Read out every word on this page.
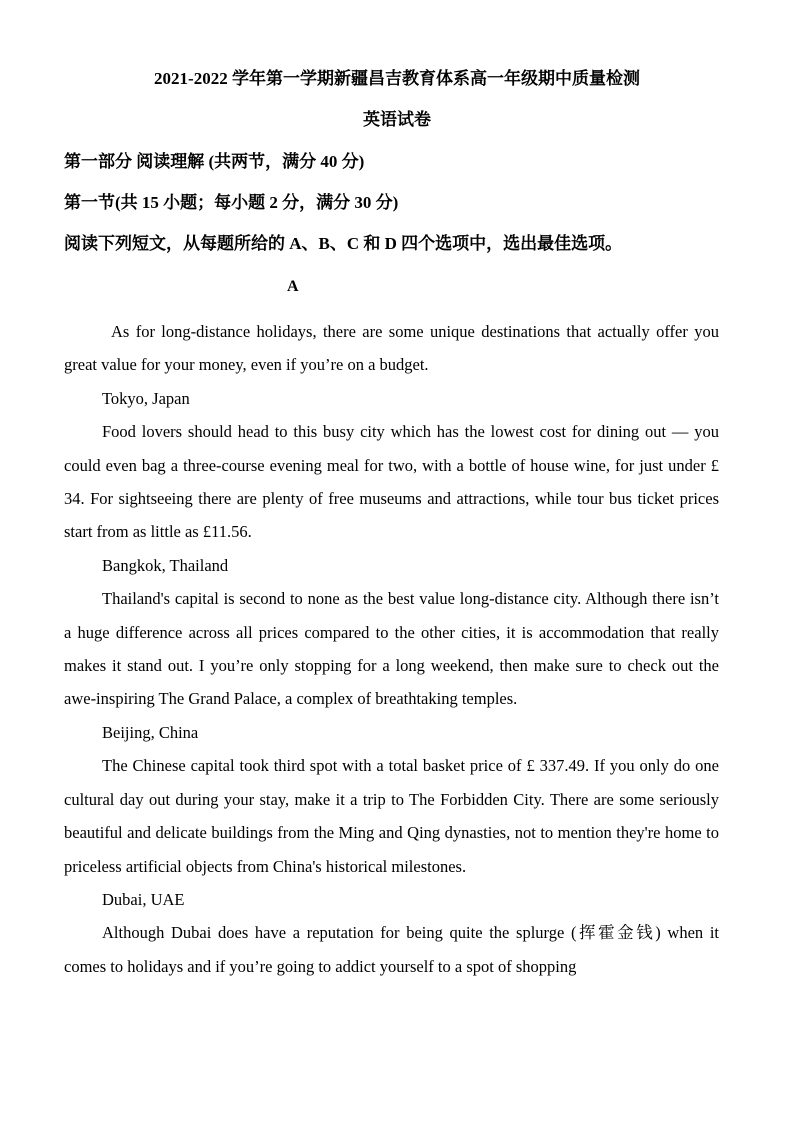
2021-2022 学年第一学期新疆昌吉教育体系高一年级期中质量检测
英语试卷
第一部分 阅读理解 (共两节，满分 40 分)
第一节(共 15 小题；每小题 2 分，满分 30 分)
阅读下列短文，从每题所给的 A、B、C 和 D 四个选项中，选出最佳选项。
A

As for long-distance holidays, there are some unique destinations that actually offer you great value for your money, even if you’re on a budget.

Tokyo, Japan

Food lovers should head to this busy city which has the lowest cost for dining out — you could even bag a three-course evening meal for two, with a bottle of house wine, for just under £ 34. For sightseeing there are plenty of free museums and attractions, while tour bus ticket prices start from as little as £11.56.

Bangkok, Thailand

Thailand's capital is second to none as the best value long-distance city. Although there isn’t a huge difference across all prices compared to the other cities, it is accommodation that really makes it stand out. I you’re only stopping for a long weekend, then make sure to check out the awe-inspiring The Grand Palace, a complex of breathtaking temples.

Beijing, China

The Chinese capital took third spot with a total basket price of £ 337.49. If you only do one cultural day out during your stay, make it a trip to The Forbidden City. There are some seriously beautiful and delicate buildings from the Ming and Qing dynasties, not to mention they're home to priceless artificial objects from China's historical milestones.

Dubai, UAE

Although Dubai does have a reputation for being quite the splurge (挥霍金钱) when it comes to holidays and if you’re going to addict yourself to a spot of shopping
